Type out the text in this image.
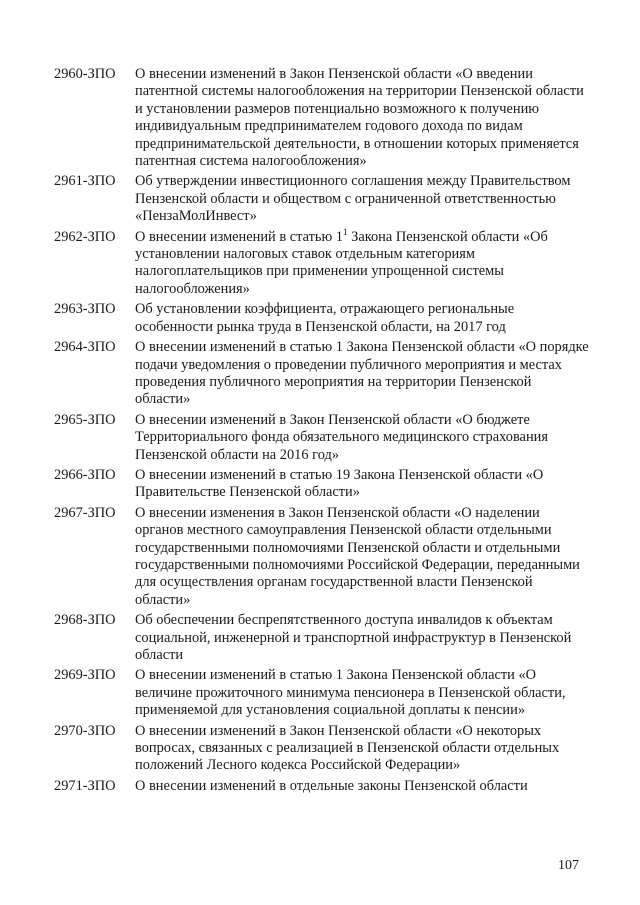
2960-ЗПО	О внесении изменений в Закон Пензенской области «О введении патентной системы налогообложения на территории Пензенской области и установлении размеров потенциально возможного к получению индивидуальным предпринимателем годового дохода по видам предпринимательской деятельности, в отношении которых применяется патентная система налогообложения»
2961-ЗПО	Об утверждении инвестиционного соглашения между Правительством Пензенской области и обществом с ограниченной ответственностью «ПензаМолИнвест»
2962-ЗПО	О внесении изменений в статью $1^1$ Закона Пензенской области «Об установлении налоговых ставок отдельным категориям налогоплательщиков при применении упрощенной системы налогообложения»
2963-ЗПО	Об установлении коэффициента, отражающего региональные особенности рынка труда в Пензенской области, на 2017 год
2964-ЗПО	О внесении изменений в статью 1 Закона Пензенской области «О порядке подачи уведомления о проведении публичного мероприятия и местах проведения публичного мероприятия на территории Пензенской области»
2965-ЗПО	О внесении изменений в Закон Пензенской области «О бюджете Территориального фонда обязательного медицинского страхования Пензенской области на 2016 год»
2966-ЗПО	О внесении изменений в статью 19 Закона Пензенской области «О Правительстве Пензенской области»
2967-ЗПО	О внесении изменения в Закон Пензенской области «О наделении органов местного самоуправления Пензенской области отдельными государственными полномочиями Пензенской области и отдельными государственными полномочиями Российской Федерации, переданными для осуществления органам государственной власти Пензенской области»
2968-ЗПО	Об обеспечении беспрепятственного доступа инвалидов к объектам социальной, инженерной и транспортной инфраструктур в Пензенской области
2969-ЗПО	О внесении изменений в статью 1 Закона Пензенской области «О величине прожиточного минимума пенсионера в Пензенской области, применяемой для установления социальной доплаты к пенсии»
2970-ЗПО	О внесении изменений в Закон Пензенской области «О некоторых вопросах, связанных с реализацией в Пензенской области отдельных положений Лесного кодекса Российской Федерации»
2971-ЗПО	О внесении изменений в отдельные законы Пензенской области
107
